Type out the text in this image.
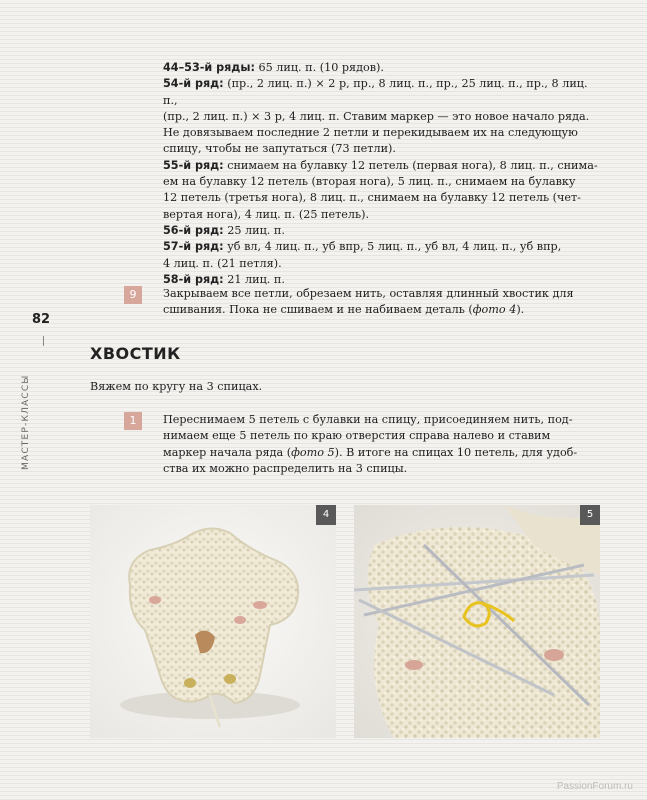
44–53-й ряды: 65 лиц. п. (10 рядов).

54-й ряд: (пр., 2 лиц. п.) × 2 р, пр., 8 лиц. п., пр., 25 лиц. п., пр., 8 лиц. п.,
(пр., 2 лиц. п.) × 3 р, 4 лиц. п. Ставим маркер — это новое начало ряда.
Не довязываем последние 2 петли и перекидываем их на следующую
спицу, чтобы не запутаться (73 петли).

55-й ряд: снимаем на булавку 12 петель (первая нога), 8 лиц. п., снима-
ем на булавку 12 петель (вторая нога), 5 лиц. п., снимаем на булавку
12 петель (третья нога), 8 лиц. п., снимаем на булавку 12 петель (чет-
вертая нога), 4 лиц. п. (25 петель).

56-й ряд: 25 лиц. п.

57-й ряд: уб вл, 4 лиц. п., уб впр, 5 лиц. п., уб вл, 4 лиц. п., уб впр,
4 лиц. п. (21 петля).

58-й ряд: 21 лиц. п.

9	Закрываем все петли, обрезаем нить, оставляя длинный хвостик для
сшивания. Пока не сшиваем и не набиваем деталь (фото 4).
82
МАСТЕР-КЛАССЫ
ХВОСТИК
Вяжем по кругу на 3 спицах.
1	Переснимаем 5 петель с булавки на спицу, присоединяем нить, под-
нимаем еще 5 петель по краю отверстия справа налево и ставим
маркер начала ряда (фото 5). В итоге на спицах 10 петель, для удоб-
ства их можно распределить на 3 спицы.
4	5
PassionForum.ru
